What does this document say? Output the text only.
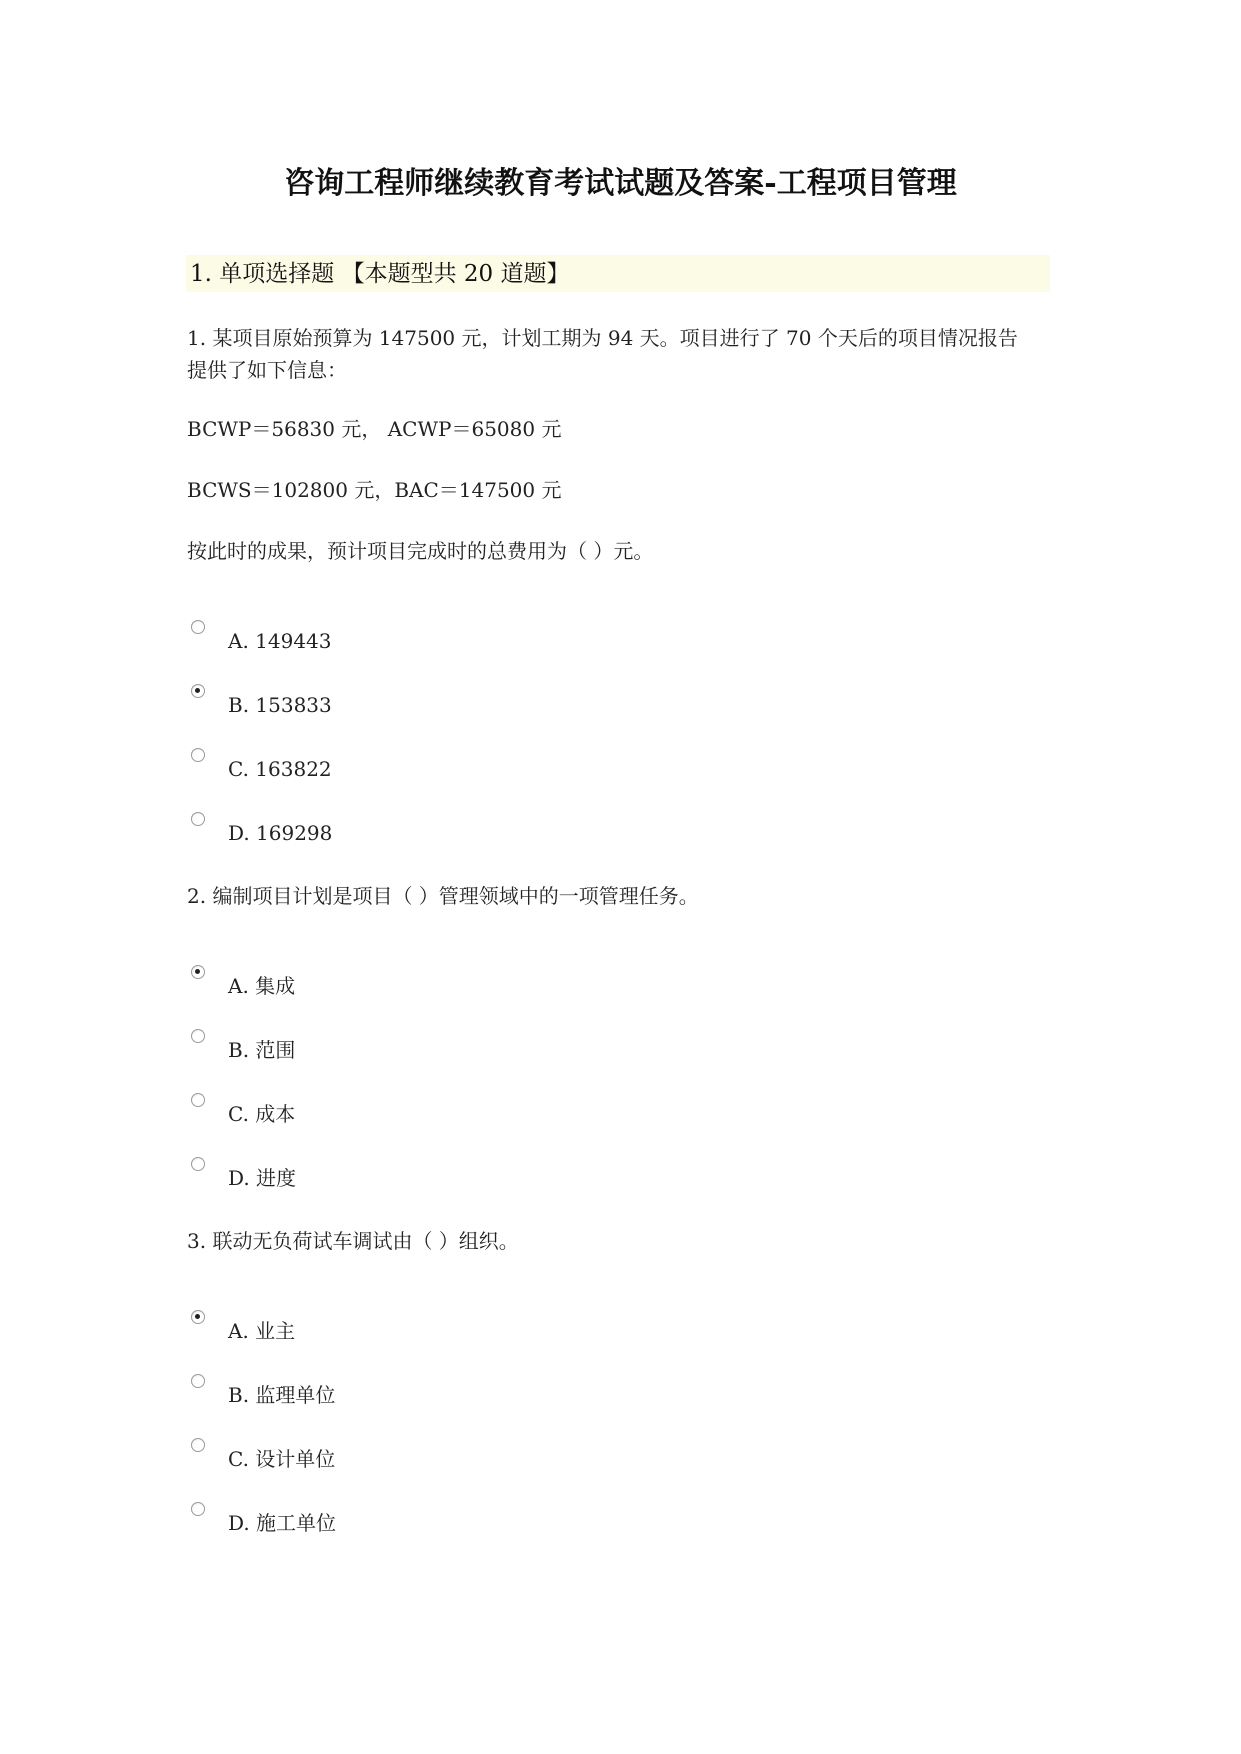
咨询工程师继续教育考试试题及答案-工程项目管理
1. 单项选择题 【本题型共 20 道题】
1. 某项目原始预算为 147500 元，计划工期为 94 天。项目进行了 70 个天后的项目情况报告
提供了如下信息：
BCWP＝56830 元， ACWP＝65080 元
BCWS＝102800 元，BAC＝147500 元
按此时的成果，预计项目完成时的总费用为（ ）元。
A. 149443
B. 153833
C. 163822
D. 169298
2. 编制项目计划是项目（ ）管理领域中的一项管理任务。
A. 集成
B. 范围
C. 成本
D. 进度
3. 联动无负荷试车调试由（ ）组织。
A. 业主
B. 监理单位
C. 设计单位
D. 施工单位
